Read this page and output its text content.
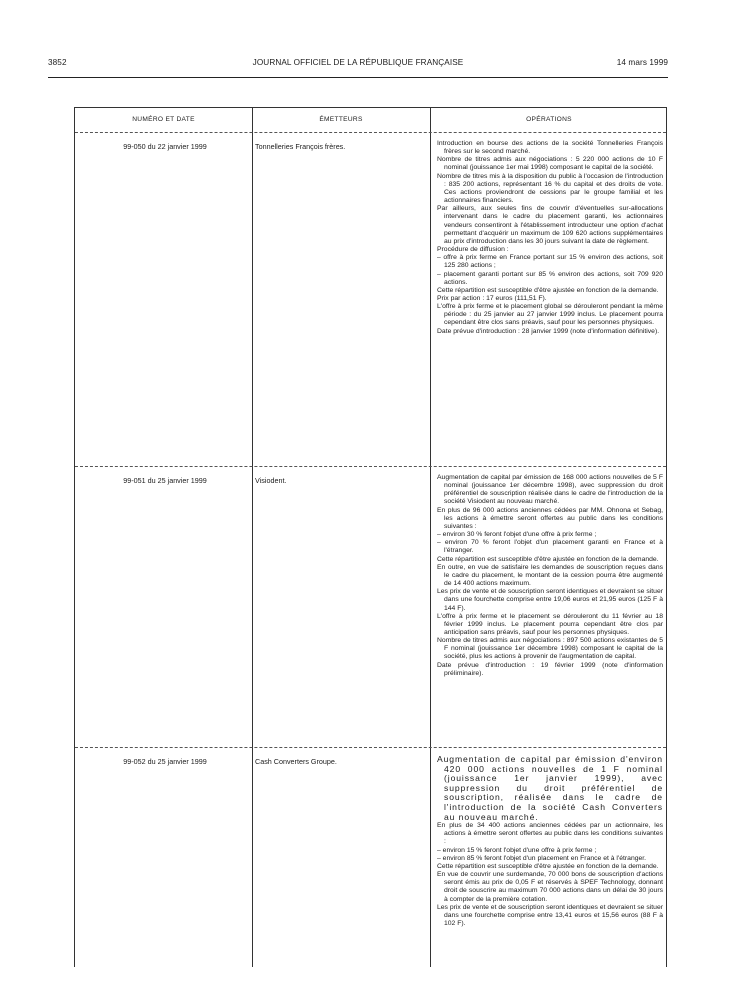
3852	JOURNAL OFFICIEL DE LA RÉPUBLIQUE FRANÇAISE	14 mars 1999
NUMÉRO ET DATE	ÉMETTEURS	OPÉRATIONS
99-050 du 22 janvier 1999	Tonnelleries François frères.	Introduction en bourse des actions de la société Tonnelleries François frères sur le second marché.

Nombre de titres admis aux négociations : 5 220 000 actions de 10 F nominal (jouissance 1er mai 1998) composant le capital de la société.

Nombre de titres mis à la disposition du public à l'occasion de l'introduction : 835 200 actions, représentant 16 % du capital et des droits de vote. Ces actions proviendront de cessions par le groupe familial et les actionnaires financiers.

Par ailleurs, aux seules fins de couvrir d'éventuelles sur-allocations intervenant dans le cadre du placement garanti, les actionnaires vendeurs consentiront à l'établissement introducteur une option d'achat permettant d'acquérir un maximum de 109 620 actions supplémentaires au prix d'introduction dans les 30 jours suivant la date de règlement.

Procédure de diffusion :

– offre à prix ferme en France portant sur 15 % environ des actions, soit 125 280 actions ;

– placement garanti portant sur 85 % environ des actions, soit 709 920 actions.

Cette répartition est susceptible d'être ajustée en fonction de la demande.

Prix par action : 17 euros (111,51 F).

L'offre à prix ferme et le placement global se dérouleront pendant la même période : du 25 janvier au 27 janvier 1999 inclus. Le placement pourra cependant être clos sans préavis, sauf pour les personnes physiques.

Date prévue d'introduction : 28 janvier 1999 (note d'information définitive).

99-051 du 25 janvier 1999	Visiodent.	Augmentation de capital par émission de 168 000 actions nouvelles de 5 F nominal (jouissance 1er décembre 1998), avec suppression du droit préférentiel de souscription réalisée dans le cadre de l'introduction de la société Visiodent au nouveau marché.

En plus de 96 000 actions anciennes cédées par MM. Ohnona et Sebag, les actions à émettre seront offertes au public dans les conditions suivantes :

– environ 30 % feront l'objet d'une offre à prix ferme ;

– environ 70 % feront l'objet d'un placement garanti en France et à l'étranger.

Cette répartition est susceptible d'être ajustée en fonction de la demande.

En outre, en vue de satisfaire les demandes de souscription reçues dans le cadre du placement, le montant de la cession pourra être augmenté de 14 400 actions maximum.

Les prix de vente et de souscription seront identiques et devraient se situer dans une fourchette comprise entre 19,06 euros et 21,95 euros (125 F à 144 F).

L'offre à prix ferme et le placement se dérouleront du 11 février au 18 février 1999 inclus. Le placement pourra cependant être clos par anticipation sans préavis, sauf pour les personnes physiques.

Nombre de titres admis aux négociations : 897 500 actions existantes de 5 F nominal (jouissance 1er décembre 1998) composant le capital de la société, plus les actions à provenir de l'augmentation de capital.

Date prévue d'introduction : 19 février 1999 (note d'information préliminaire).

99-052 du 25 janvier 1999	Cash Converters Groupe.	Augmentation de capital par émission d'environ 420 000 actions nouvelles de 1 F nominal (jouissance 1er janvier 1999), avec suppression du droit préférentiel de souscription, réalisée dans le cadre de l'introduction de la société Cash Converters au nouveau marché.

En plus de 34 400 actions anciennes cédées par un actionnaire, les actions à émettre seront offertes au public dans les conditions suivantes :

– environ 15 % feront l'objet d'une offre à prix ferme ;

– environ 85 % feront l'objet d'un placement en France et à l'étranger.

Cette répartition est susceptible d'être ajustée en fonction de la demande.

En vue de couvrir une surdemande, 70 000 bons de souscription d'actions seront émis au prix de 0,05 F et réservés à SPEF Technology, donnant droit de souscrire au maximum 70 000 actions dans un délai de 30 jours à compter de la première cotation.

Les prix de vente et de souscription seront identiques et devraient se situer dans une fourchette comprise entre 13,41 euros et 15,56 euros (88 F à 102 F).
